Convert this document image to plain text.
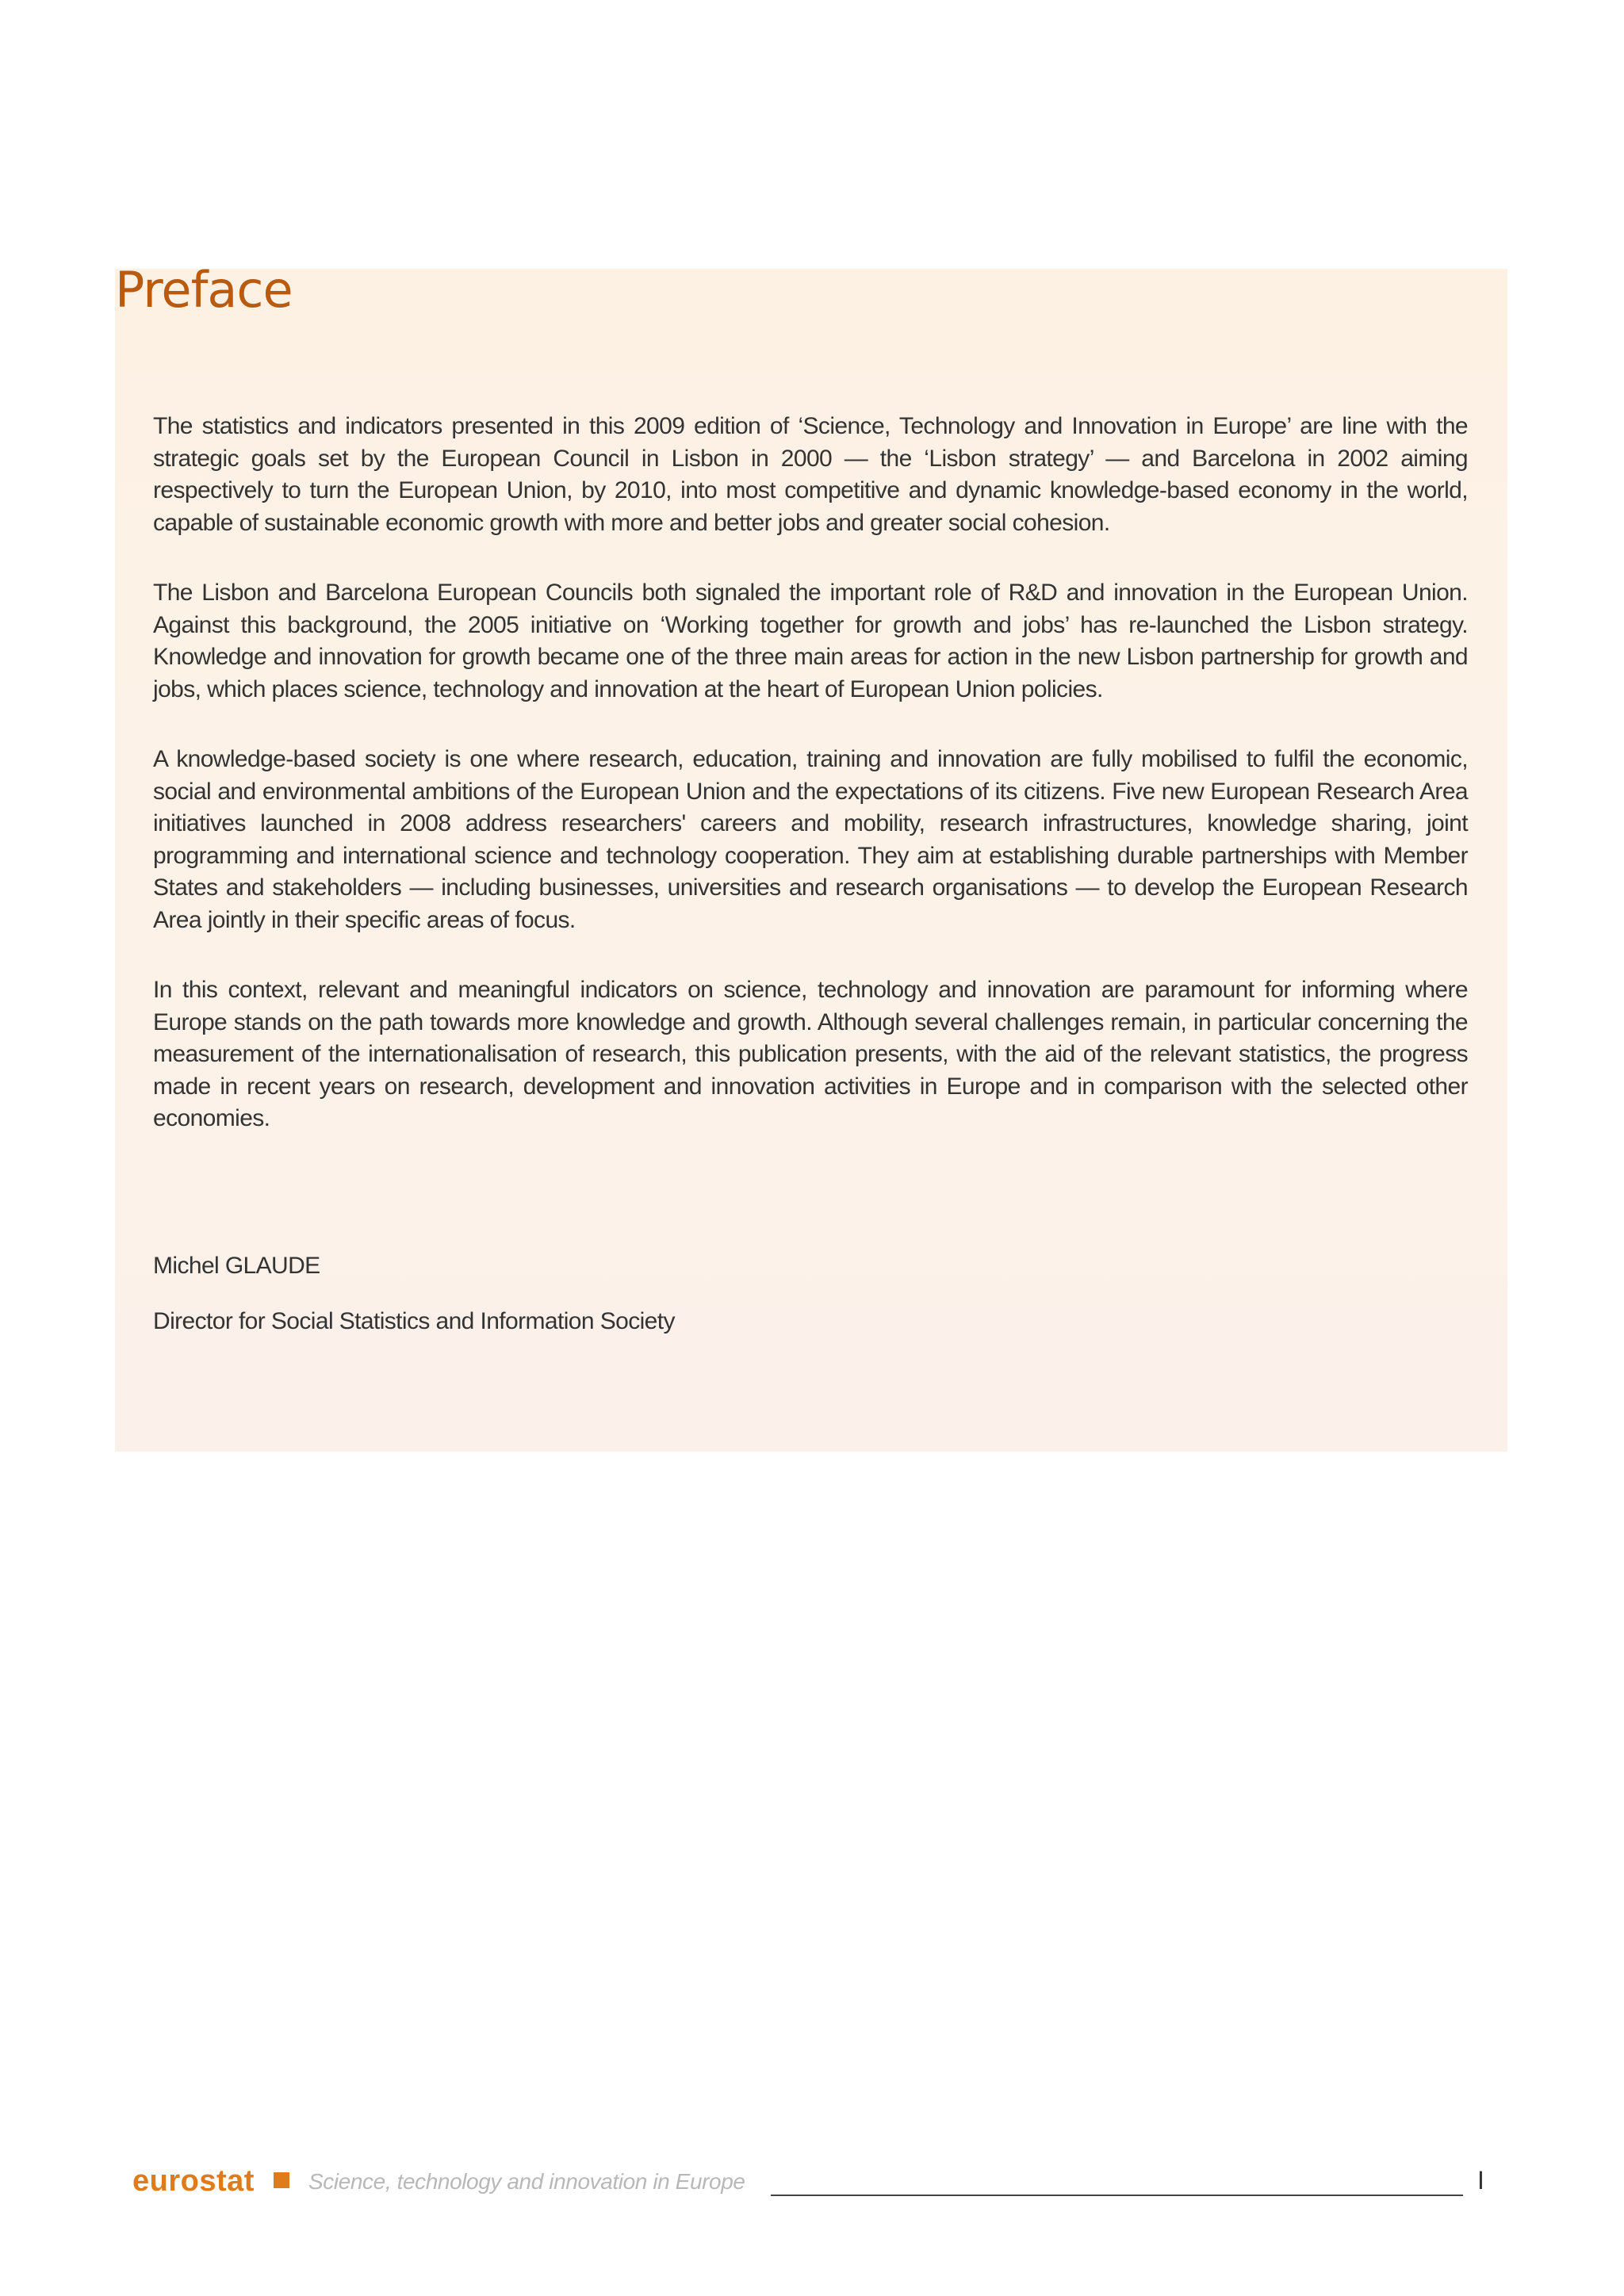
Preface

The statistics and indicators presented in this 2009 edition of ‘Science, Technology and Innovation in Europe’ are line with the strategic goals set by the European Council in Lisbon in 2000 — the ‘Lisbon strategy’ — and Barcelona in 2002 aiming respectively to turn the European Union, by 2010, into most competitive and dynamic knowledge-based economy in the world, capable of sustainable economic growth with more and better jobs and greater social cohesion.

The Lisbon and Barcelona European Councils both signaled the important role of R&D and innovation in the European Union. Against this background, the 2005 initiative on ‘Working together for growth and jobs’ has re-launched the Lisbon strategy. Knowledge and innovation for growth became one of the three main areas for action in the new Lisbon partnership for growth and jobs, which places science, technology and innovation at the heart of European Union policies.

A knowledge-based society is one where research, education, training and innovation are fully mobilised to fulfil the economic, social and environmental ambitions of the European Union and the expectations of its citizens. Five new European Research Area initiatives launched in 2008 address researchers' careers and mobility, research infrastructures, knowledge sharing, joint programming and international science and technology cooperation. They aim at establishing durable partnerships with Member States and stakeholders — including businesses, universities and research organisations — to develop the European Research Area jointly in their specific areas of focus.

In this context, relevant and meaningful indicators on science, technology and innovation are paramount for informing where Europe stands on the path towards more knowledge and growth. Although several challenges remain, in particular concerning the measurement of the internationalisation of research, this publication presents, with the aid of the relevant statistics, the progress made in recent years on research, development and innovation activities in Europe and in comparison with the selected other economies.

Michel GLAUDE
Director for Social Statistics and Information Society
eurostat Science, technology and innovation in Europe	I
